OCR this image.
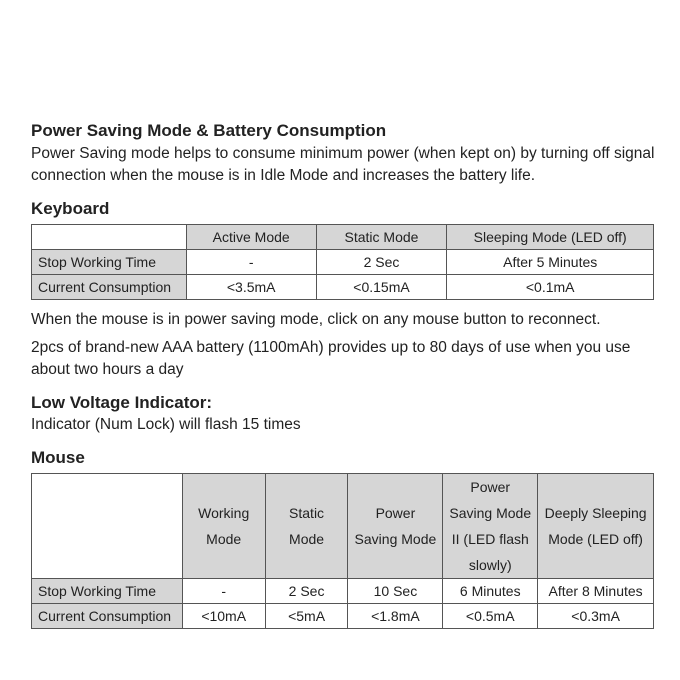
Power Saving Mode & Battery Consumption

Power Saving mode helps to consume minimum power (when kept on) by turning off signal connection when the mouse is in Idle Mode and increases the battery life.

Keyboard

	Active Mode	Static Mode	Sleeping Mode (LED off)
Stop Working Time	-	2 Sec	After 5 Minutes
Current Consumption	<3.5mA	<0.15mA	<0.1mA

When the mouse is in power saving mode, click on any mouse button to reconnect.

2pcs of brand-new AAA battery (1100mAh) provides up to 80 days of use when you use about two hours a day

Low Voltage Indicator:

Indicator (Num Lock) will flash 15 times

Mouse

	Working Mode	Static Mode	Power Saving Mode	Power Saving Mode II (LED flash slowly)	Deeply Sleeping Mode (LED off)
Stop Working Time	-	2 Sec	10 Sec	6 Minutes	After 8 Minutes
Current Consumption	<10mA	<5mA	<1.8mA	<0.5mA	<0.3mA
